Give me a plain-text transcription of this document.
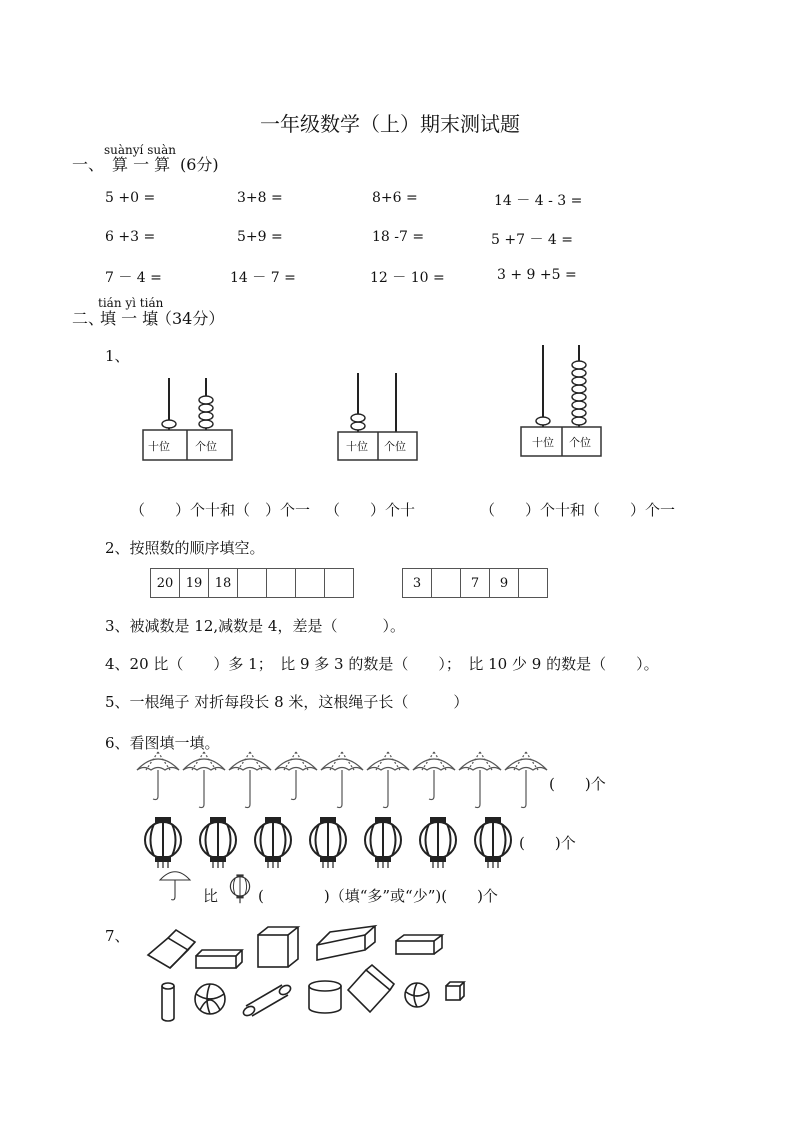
一年级数学（上）期末测试题
suànyí suàn
一、 算 一 算 (6分)
5 +0 =	3+8 =	8+6 =	14 － 4 - 3 =
6 +3 =	5+9 =	18 -7 =	5 +7 － 4 =
7 － 4 =	14 － 7 =	12 － 10 =	3 + 9 +5 =
tián yì tián
二、
填 一 填
。（34分）
1、
十位 个位	十位 个位	十位 个位
（　　）个十和（　）个一 （　　）个十	（　　）个十和（　　）个一
2、按照数的顺序填空。
20 19 18	3	7	9
3、被减数是 12,减数是 4，差是（　　　）。
4、20 比（　　）多 1；　比 9 多 3 的数是（　　）；　比 10 少 9 的数是（　　）。
5、一根绳子 对折每段长 8 米，这根绳子长（　　　）
6、看图填一填。
(　　)个
(　　)个
比	(　　　　)（填“多”或“少”)(　　)个
7、
